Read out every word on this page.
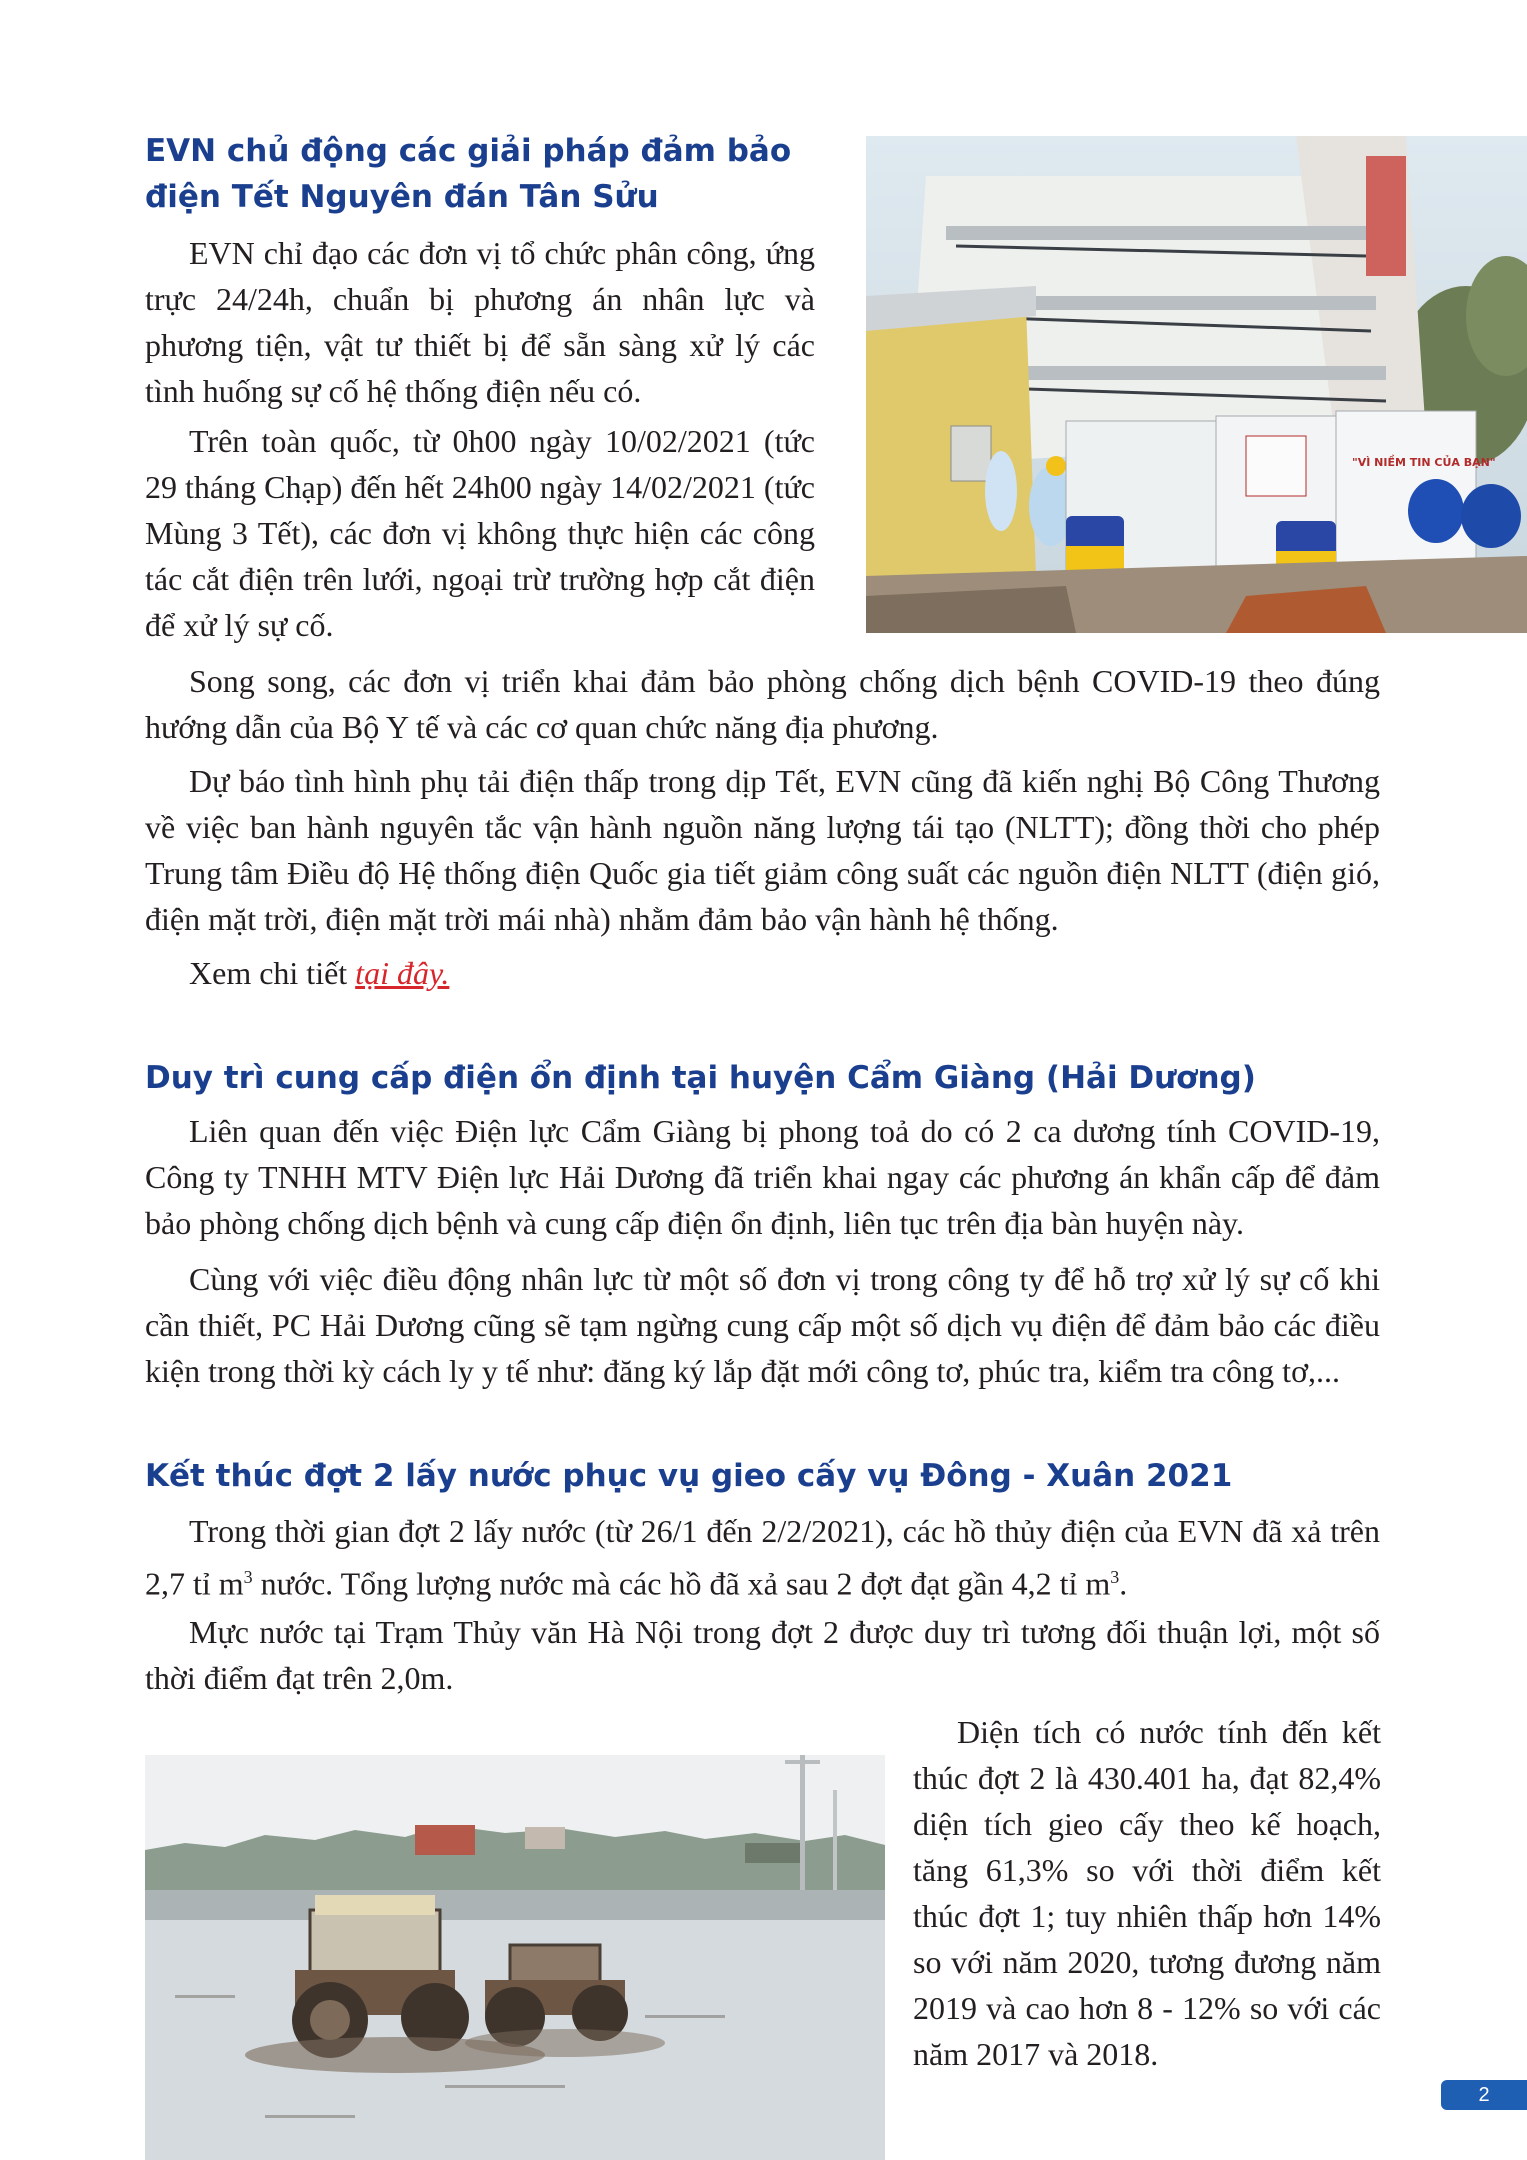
EVN chủ động các giải pháp đảm bảo
điện Tết Nguyên đán Tân Sửu
"VÌ NIỀM TIN CỦA BẠN"

EVN chỉ đạo các đơn vị tổ chức phân công, ứng trực 24/24h, chuẩn bị phương án nhân lực và phương tiện, vật tư thiết bị để sẵn sàng xử lý các tình huống sự cố hệ thống điện nếu có.

Trên toàn quốc, từ 0h00 ngày 10/02/2021 (tức 29 tháng Chạp) đến hết 24h00 ngày 14/02/2021 (tức Mùng 3 Tết), các đơn vị không thực hiện các công tác cắt điện trên lưới, ngoại trừ trường hợp cắt điện để xử lý sự cố.

Song song, các đơn vị triển khai đảm bảo phòng chống dịch bệnh COVID-19 theo đúng hướng dẫn của Bộ Y tế và các cơ quan chức năng địa phương.

Dự báo tình hình phụ tải điện thấp trong dịp Tết, EVN cũng đã kiến nghị Bộ Công Thương về việc ban hành nguyên tắc vận hành nguồn năng lượng tái tạo (NLTT); đồng thời cho phép Trung tâm Điều độ Hệ thống điện Quốc gia tiết giảm công suất các nguồn điện NLTT (điện gió, điện mặt trời, điện mặt trời mái nhà) nhằm đảm bảo vận hành hệ thống.

Xem chi tiết tại đây.

Duy trì cung cấp điện ổn định tại huyện Cẩm Giàng (Hải Dương)

Liên quan đến việc Điện lực Cẩm Giàng bị phong toả do có 2 ca dương tính COVID-19, Công ty TNHH MTV Điện lực Hải Dương đã triển khai ngay các phương án khẩn cấp để đảm bảo phòng chống dịch bệnh và cung cấp điện ổn định, liên tục trên địa bàn huyện này.

Cùng với việc điều động nhân lực từ một số đơn vị trong công ty để hỗ trợ xử lý sự cố khi cần thiết, PC Hải Dương cũng sẽ tạm ngừng cung cấp một số dịch vụ điện để đảm bảo các điều kiện trong thời kỳ cách ly y tế như: đăng ký lắp đặt mới công tơ, phúc tra, kiểm tra công tơ,...

Kết thúc đợt 2 lấy nước phục vụ gieo cấy vụ Đông - Xuân 2021

Trong thời gian đợt 2 lấy nước (từ 26/1 đến 2/2/2021), các hồ thủy điện của EVN đã xả trên 2,7 tỉ $m^3$ nước. Tổng lượng nước mà các hồ đã xả sau 2 đợt đạt gần 4,2 tỉ $m^3$.

Mực nước tại Trạm Thủy văn Hà Nội trong đợt 2 được duy trì tương đối thuận lợi, một số thời điểm đạt trên 2,0m.

Diện tích có nước tính đến kết thúc đợt 2 là 430.401 ha, đạt 82,4% diện tích gieo cấy theo kế hoạch, tăng 61,3% so với thời điểm kết thúc đợt 1; tuy nhiên thấp hơn 14% so với năm 2020, tương đương năm 2019 và cao hơn 8 - 12% so với các năm 2017 và 2018.

2
